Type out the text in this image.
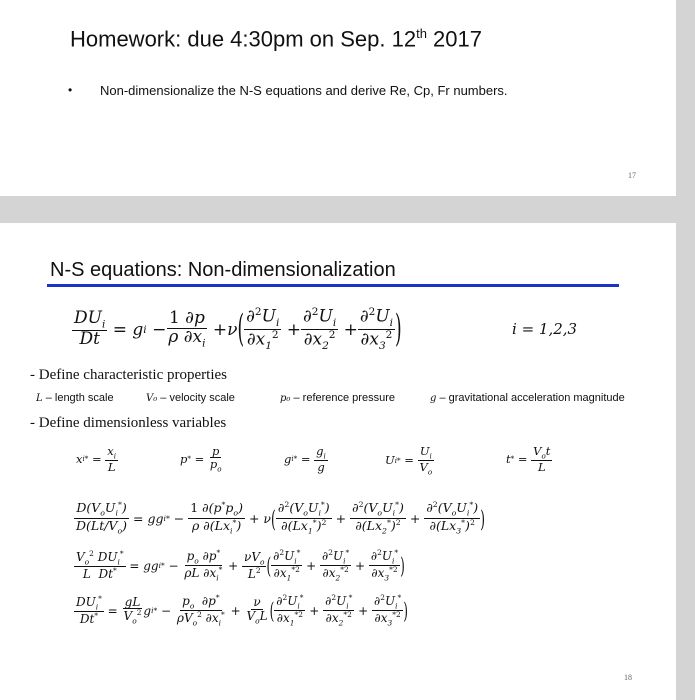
Homework: due 4:30pm on Sep. 12th 2017
•	Non-dimensionalize the N-S equations and derive Re, Cp, Fr numbers.
17
N-S equations: Non-dimensionalization
$\frac{DU_i}{Dt} = g$ $i - \frac{1 \partial p}{\rho \partial x_i} + \nu$ ( $\frac{\partial^2U_i}{\partial x_1^2} + \frac{\partial^2U_i}{\partial x_2^2} + \frac{\partial^2U_i}{\partial x_3^2}$ )	i = 1,2,3
- Define characteristic properties
L – length scale	V₀ – velocity scale	p₀ – reference pressure	g – gravitational acceleration magnitude
- Define dimensionless variables
x i * = $\frac{x_i}{L}$	p * = $\frac{p}{p_o}$	g i * = $\frac{g_i}{g}$	U i * = $\frac{U_i}{V_o}$	t * = $\frac{V_ot}{L}$
$\frac{D(V_oU_i^*)}{D(Lt/V_o)}$ = gg i * − $\frac{1 \partial(p^*p_o)}{\rho \partial(Lx_i^*)} + \nu$ ( $\frac{\partial^2(V_oU_i^*)}{\partial(Lx_1^*)^2} + \frac{\partial^2(V_oU_i^*)}{\partial(Lx_2^*)^2} + \frac{\partial^2(V_oU_i^*)}{\partial(Lx_3^*)^2}$ )
$\frac{V_o^2 DU_i^*}{L Dt^*}$ = gg i * − $\frac{p_o \partial p^*}{\rho L \partial x_i^*} + \frac{\nu V_o}{L^2}$ ( $\frac{\partial^2U_i^*}{\partial x_1^{*2}} + \frac{\partial^2U_i^*}{\partial x_2^{*2}} + \frac{\partial^2U_i^*}{\partial x_3^{*2}}$ )
$\frac{DU_i^*}{Dt^*} = \frac{gL}{V_o^2}$ g i * − $\frac{p_o \partial p^*}{\rho V_o^2 \partial x_i^*} + \frac{\nu}{V_oL}$ ( $\frac{\partial^2U_i^*}{\partial x_1^{*2}} + \frac{\partial^2U_i^*}{\partial x_2^{*2}} + \frac{\partial^2U_i^*}{\partial x_3^{*2}}$ )
18
